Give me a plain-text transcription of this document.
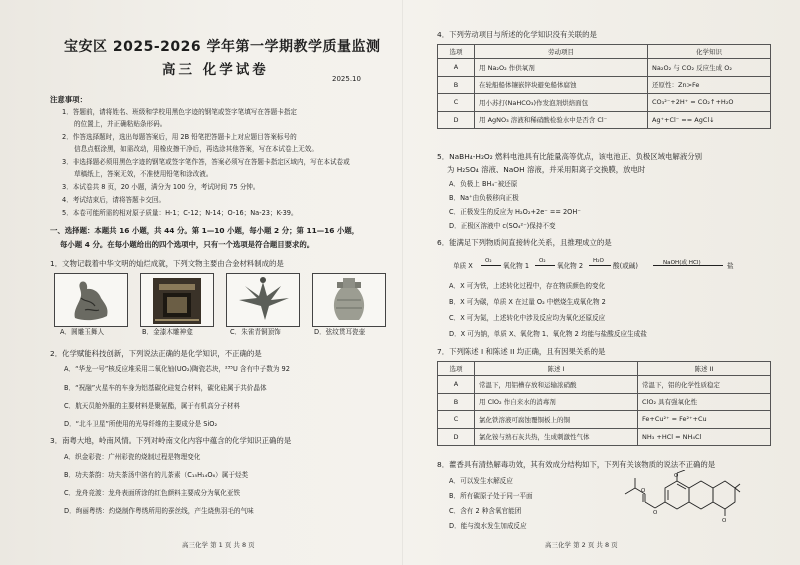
宝安区 2025-2026 学年第一学期教学质量监测
高三 化学试卷
2025.10
注意事项：
1．答题前，请将姓名、班级和学校用黑色字迹的钢笔或签字笔填写在答题卡指定
的位置上，并正确粘贴条形码。
2．作答选择题时，选出每题答案后，用 2B 铅笔把答题卡上对应题目答案标号的
信息点框涂黑，如需改动，用橡皮擦干净后，再选涂其他答案，写在本试卷上无效。
3．非选择题必须用黑色字迹的钢笔或签字笔作答，答案必须写在答题卡指定区域内，写在本试卷或
草稿纸上，答案无效，不准使用铅笔和涂改液。
3．本试卷共 8 页，20 小题，满分为 100 分，考试时间 75 分钟。
4．考试结束后，请将答题卡交回。
5．本卷可能所需的相对原子质量：H-1；C-12；N-14；O-16；Na-23；K-39。
一、选择题：本题共 16 小题，共 44 分。第 1—10 小题，每小题 2 分；第 11—16 小题，
每小题 4 分。在每小题给出的四个选项中，只有一个选项是符合题目要求的。
1．文物记载着中华文明的灿烂成就，下列文物主要由合金材料制成的是
A．圆雕玉舞人	B．金漆木雕神龛	C．朱雀青铜顶饰	D．弦纹贯耳瓷壶
2．化学赋能科技创新，下列说法正确的是化学知识，不正确的是
A．“华龙一号”核反应堆采用二氧化铀(UO₂)陶瓷芯块，²³⁵U 含有中子数为 92
B．“祝融”火星车的车身为铝基碳化硅复合材料，碳化硅属于共价晶体
C．航天员舱外服的主要材料是聚氨酯，属于有机高分子材料
D．“北斗卫星”所使用的光导纤维的主要成分是 SiO₂
3．南粤大地，岭南风情。下列对岭南文化内容中蕴含的化学知识正确的是
A．织金彩瓷：广州彩瓷的烧制过程是物理变化
B．功夫茶韵：功夫茶汤中溶有的儿茶素（C₁₅H₁₄O₆）属于烃类
C．龙舟竞渡：龙舟表面所涂的红色颜料主要成分为氧化亚铁
D．绚丽粤绣：灼烧制作粤绣所用的蚕丝线，产生烧焦羽毛的气味
高三化学 第 1 页 共 8 页
4．下列劳动项目与所述的化学知识没有关联的是
选项	劳动项目	化学知识
A	用 Na₂O₂ 作供氧剂	Na₂O₂ 与 CO₂ 反应生成 O₂
B	在轮船船体镶嵌锌块避免船体腐蚀	还原性：Zn>Fe
C	用小苏打(NaHCO₃)作发泡剂烘焙面包	CO₃²⁻+2H⁺ = CO₂↑+H₂O
D	用 AgNO₃ 溶液和稀硝酸检验水中是否含 Cl⁻	Ag⁺+Cl⁻ == AgCl↓
5．NaBH₄-H₂O₂ 燃料电池具有比能量高等优点，该电池正、负极区域电解液分别
为 H₂SO₄ 溶液、NaOH 溶液，并采用阳离子交换膜，放电时
A．负极上 BH₄⁻被还原
B．Na⁺由负极移向正极
C．正极发生的反应为 H₂O₂+2e⁻ == 2OH⁻
D．正极区溶液中 c(SO₄²⁻)保持不变
6．能满足下列物质间直接转化关系，且推理成立的是
单质 X
O₂
氧化物 1
O₂
氧化物 2
H₂O
酸(或碱)	NaOH(或 HCl)	盐
A．X 可为铁，上述转化过程中，存在物质颜色的变化
B．X 可为碳，单质 X 在过量 O₂ 中燃烧生成氧化物 2
C．X 可为氮，上述转化中涉及反应均为氧化还原反应
D．X 可为钠，单质 X、氧化物 1、氧化物 2 均能与盐酸反应生成盐
7．下列陈述 I 和陈述 II 均正确，且有因果关系的是
选项	陈述 I	陈述 II
A	常温下，用铝槽存放和运输浓硝酸	常温下，铝的化学性质稳定
B	用 ClO₂ 作自来水的消毒剂	ClO₂ 具有强氧化性
C	氯化铁溶液可腐蚀覆铜板上的铜	Fe+Cu²⁺ = Fe²⁺+Cu
D	氯化铵与熟石灰共热，生成刺激性气体	NH₃ +HCl = NH₄Cl
8．藿香具有清热解毒功效，其有效成分结构如下，下列有关该物质的说法不正确的是
A．可以发生水解反应
B．所有碳原子处于同一平面
C．含有 2 种含氧官能团
D．能与溴水发生加成反应
O
O
O
O
高三化学 第 2 页 共 8 页
